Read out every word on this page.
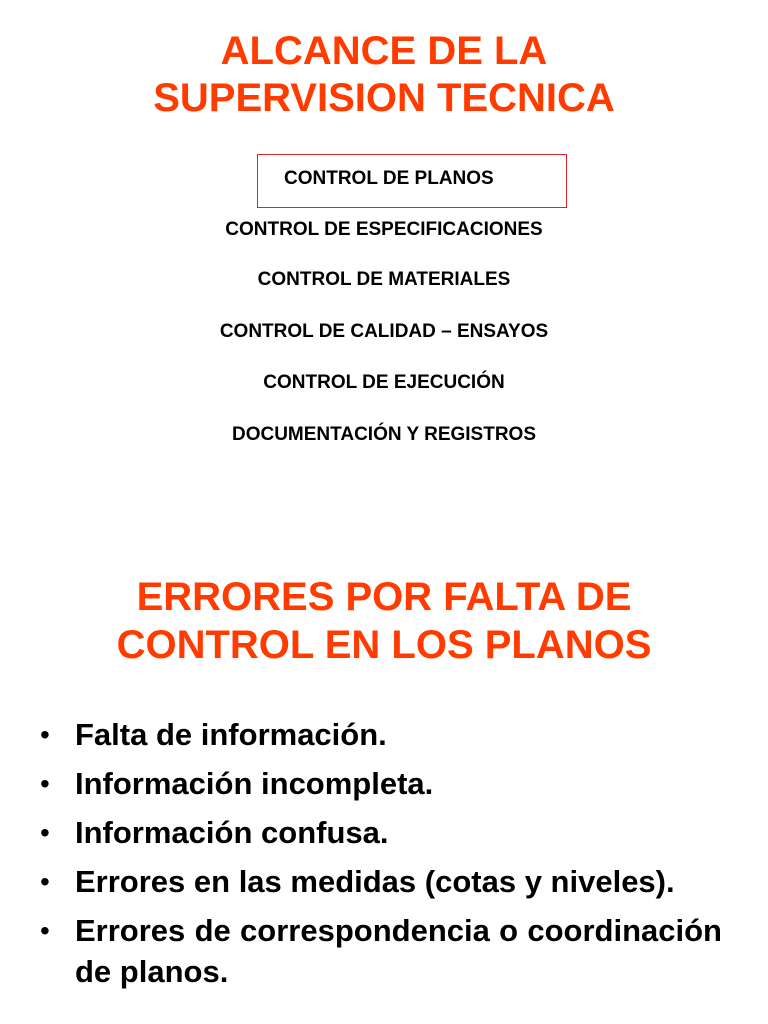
ALCANCE DE LA
SUPERVISION TECNICA
CONTROL DE PLANOS
CONTROL DE ESPECIFICACIONES
CONTROL DE MATERIALES
CONTROL DE CALIDAD – ENSAYOS
CONTROL DE EJECUCIÓN
DOCUMENTACIÓN Y REGISTROS
ERRORES POR FALTA DE
CONTROL EN LOS PLANOS
• Falta de información.
• Información incompleta.
• Información confusa.
• Errores en las medidas (cotas y niveles).
• Errores de correspondencia o coordinación de planos.
